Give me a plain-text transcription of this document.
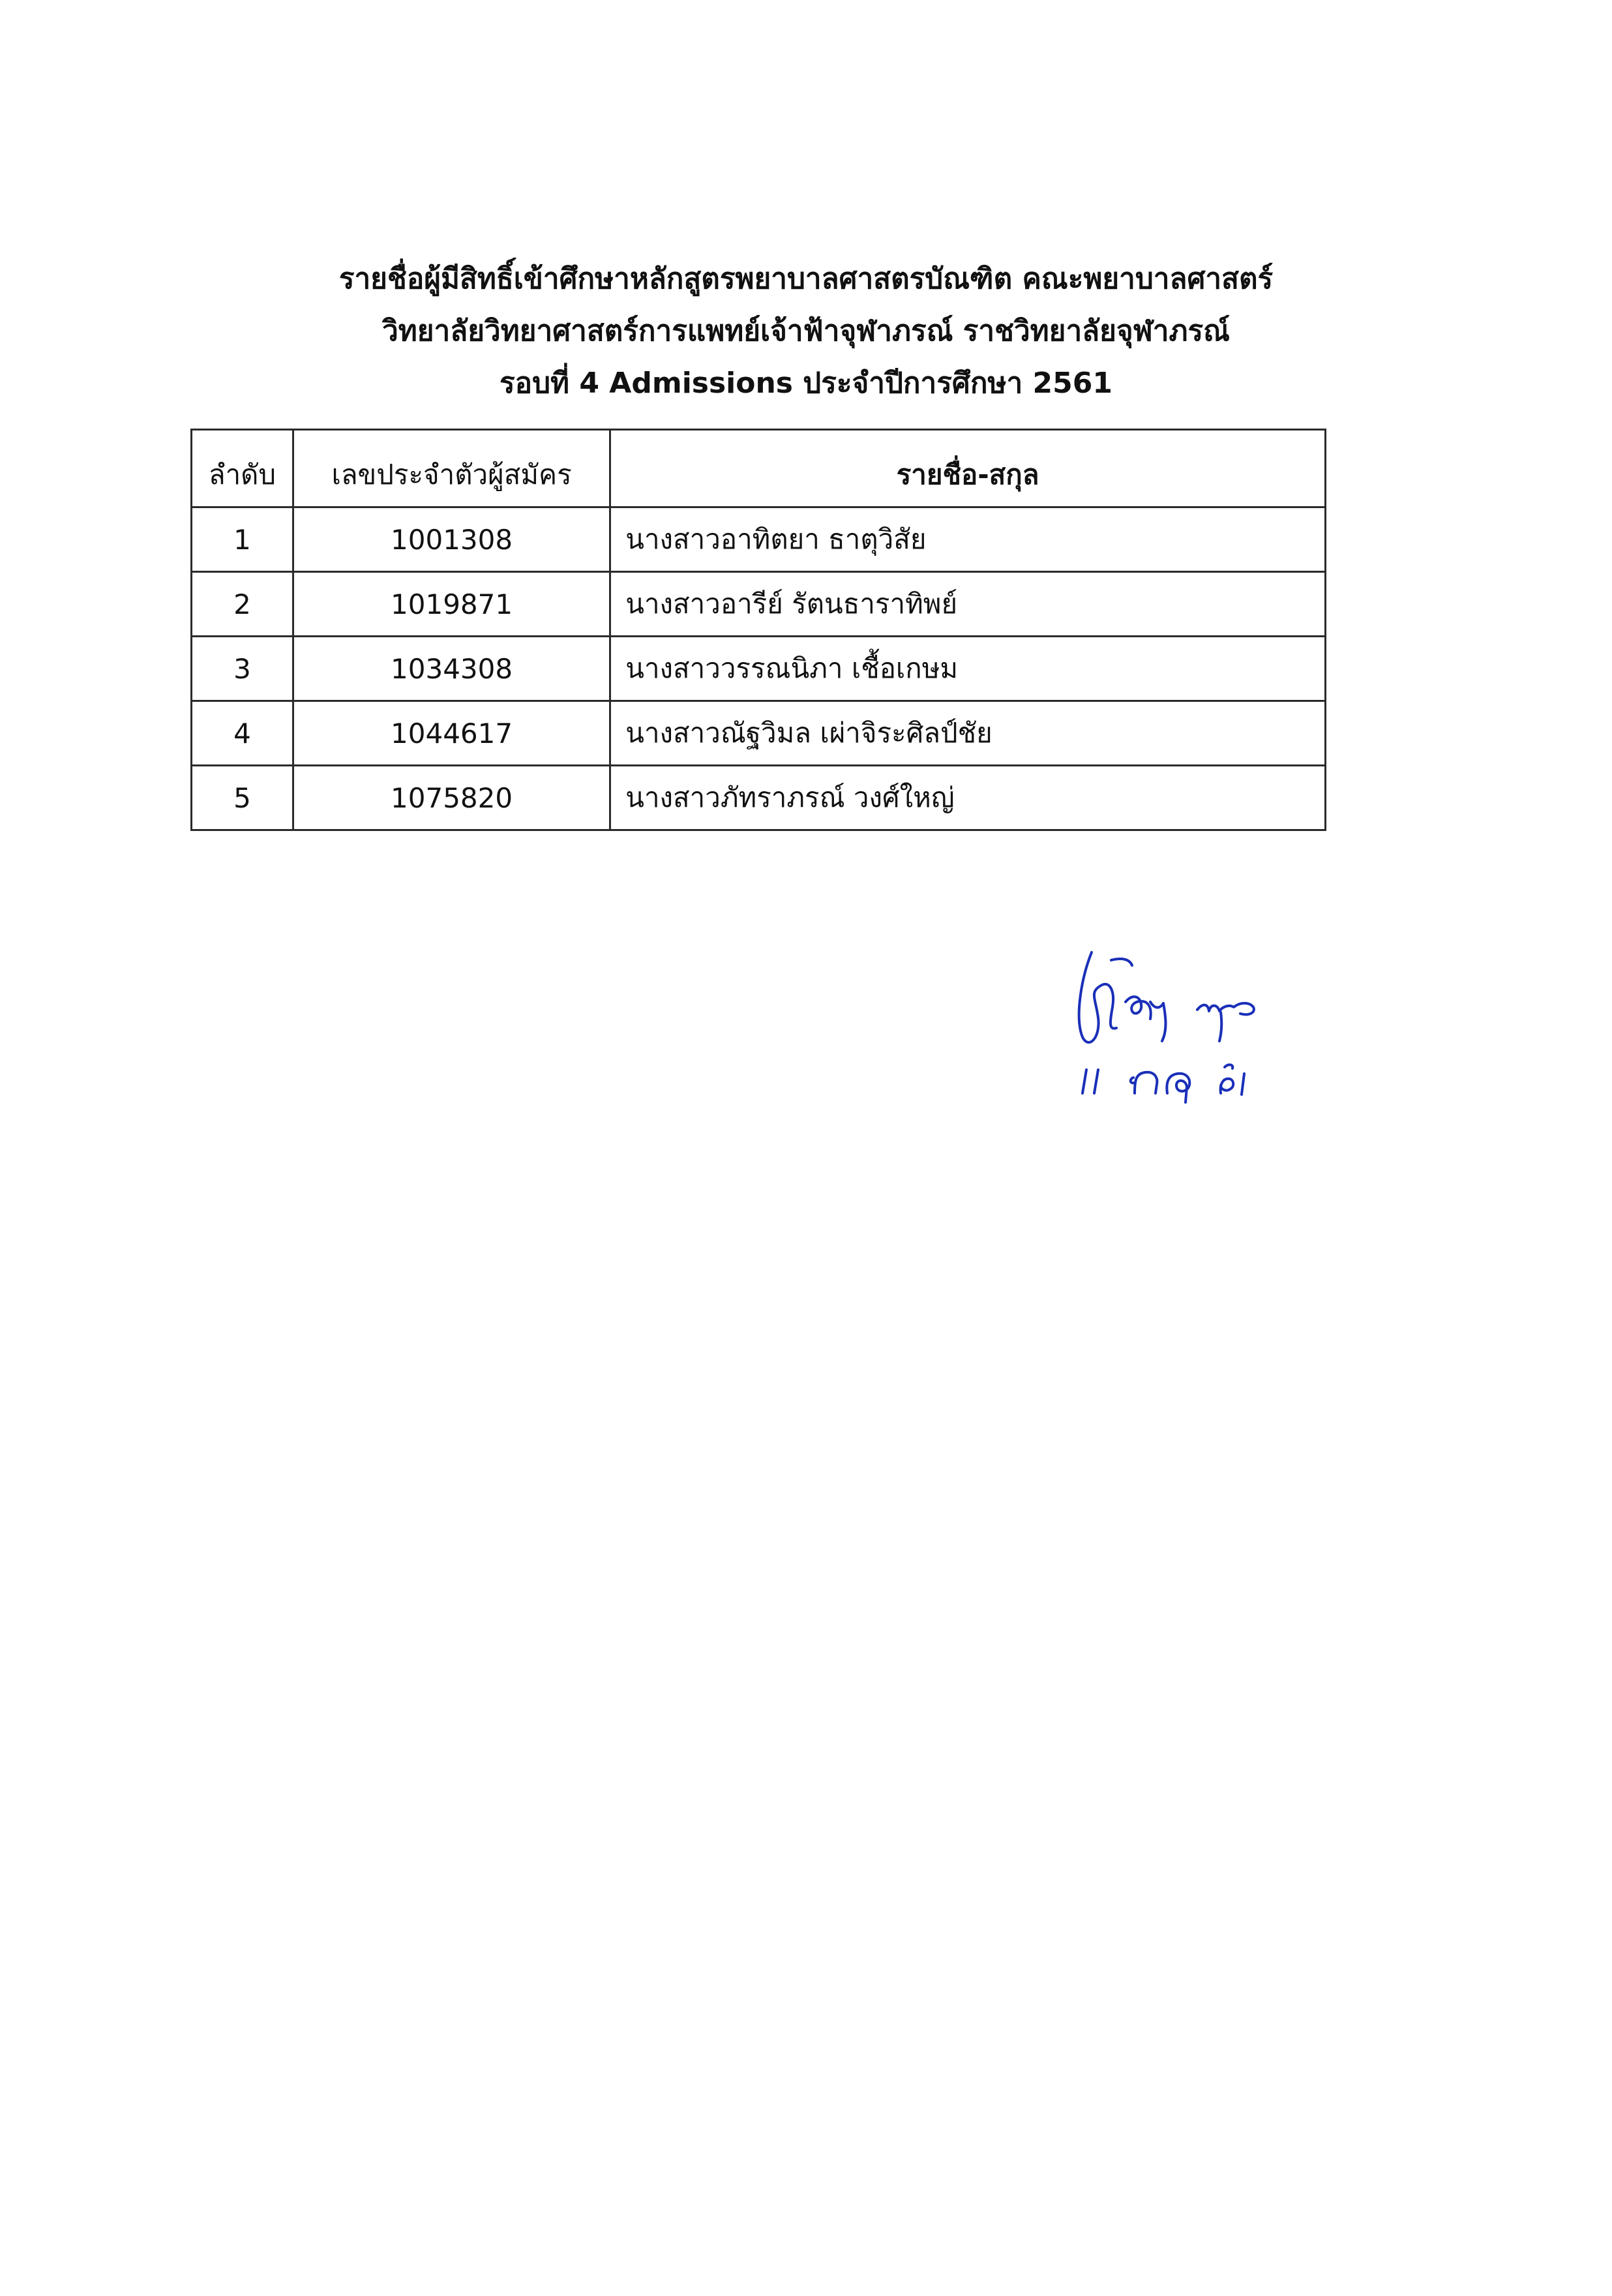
รายชื่อผู้มีสิทธิ์เข้าศึกษาหลักสูตรพยาบาลศาสตรบัณฑิต คณะพยาบาลศาสตร์
วิทยาลัยวิทยาศาสตร์การแพทย์เจ้าฟ้าจุฬาภรณ์ ราชวิทยาลัยจุฬาภรณ์
รอบที่ 4 Admissions ประจำปีการศึกษา 2561
ลำดับ	เลขประจำตัวผู้สมัคร	รายชื่อ-สกุล
1	1001308	นางสาวอาทิตยา ธาตุวิสัย
2	1019871	นางสาวอารีย์ รัตนธาราทิพย์
3	1034308	นางสาววรรณนิภา เชื้อเกษม
4	1044617	นางสาวณัฐวิมล เผ่าจิระศิลป์ชัย
5	1075820	นางสาวภัทราภรณ์ วงศ์ใหญ่
